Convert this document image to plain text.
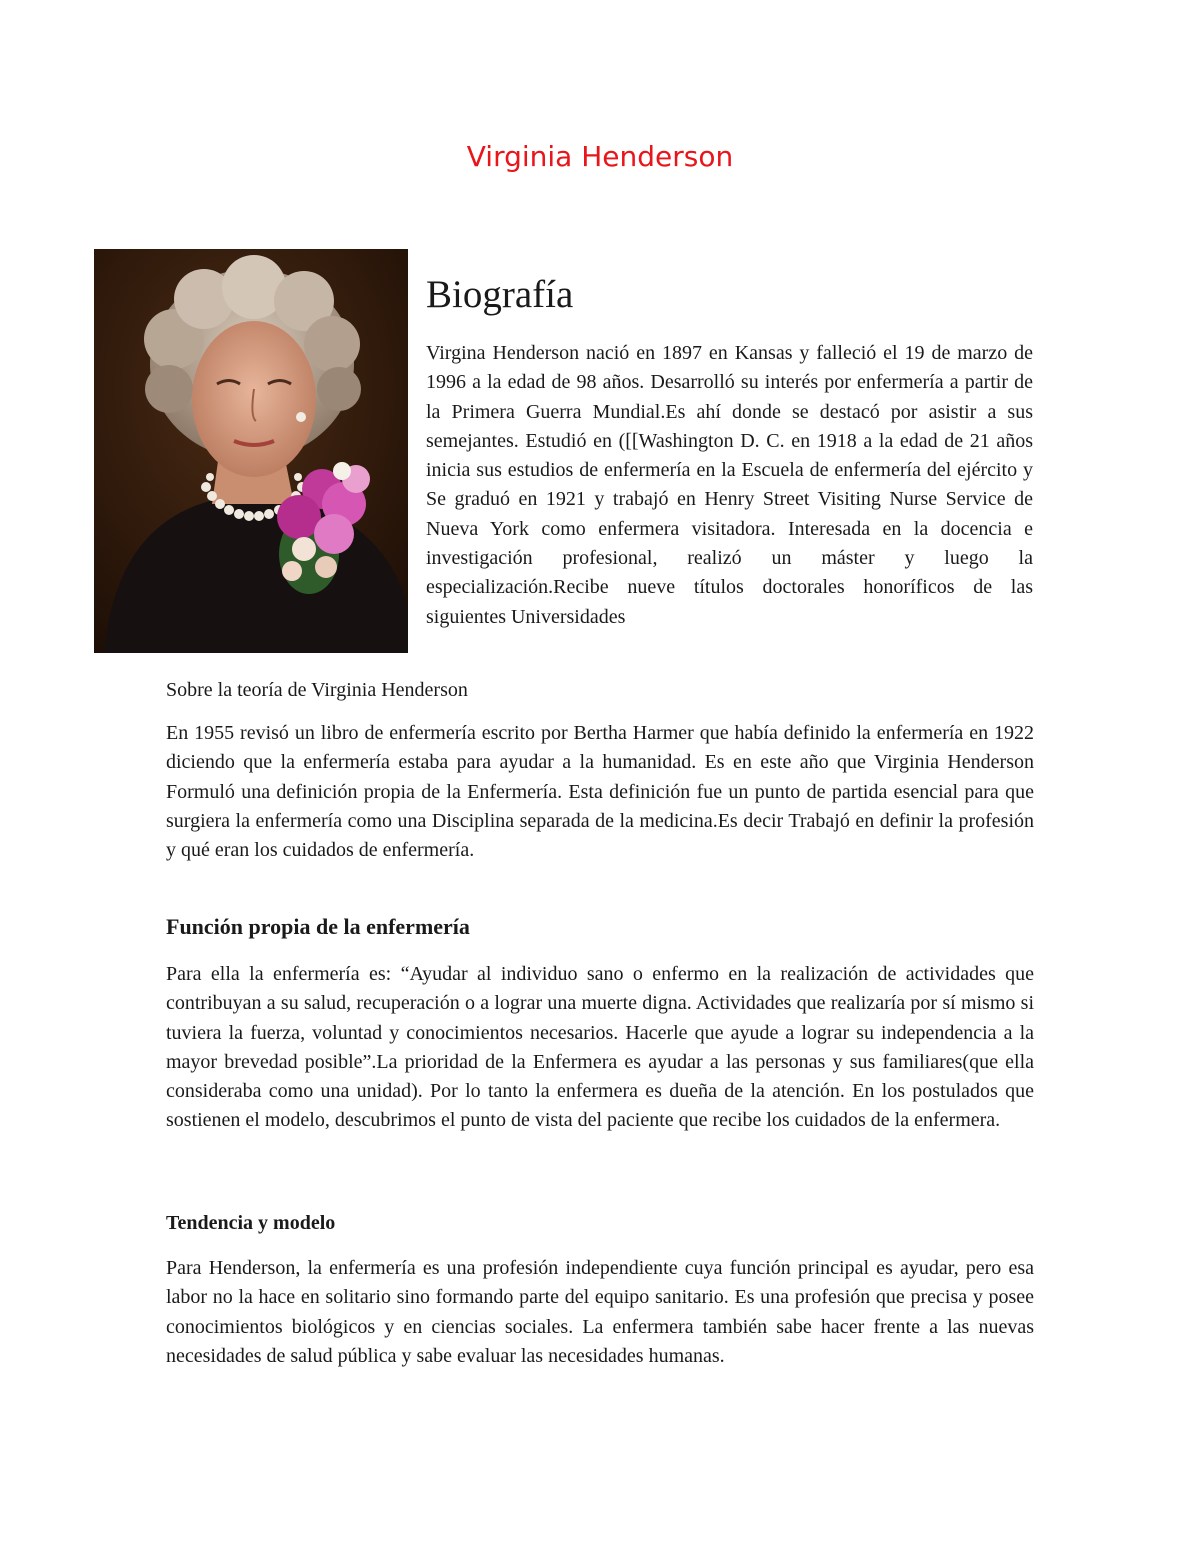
Virginia Henderson
Biografía

Virgina Henderson nació en 1897 en Kansas y falleció el 19 de marzo de 1996 a la edad de 98 años. Desarrolló su interés por enfermería a partir de la Primera Guerra Mundial.Es ahí donde se destacó por asistir a sus semejantes. Estudió en ([[Washington D. C. en 1918 a la edad de 21 años inicia sus estudios de enfermería en la Escuela de enfermería del ejército y Se graduó en 1921 y trabajó en Henry Street Visiting Nurse Service de Nueva York como enfermera visitadora. Interesada en la docencia e investigación profesional, realizó un máster y luego la especialización.Recibe nueve títulos doctorales honoríficos de las siguientes Universidades

Sobre la teoría de Virginia Henderson

En 1955 revisó un libro de enfermería escrito por Bertha Harmer que había definido la enfermería en 1922 diciendo que la enfermería estaba para ayudar a la humanidad. Es en este año que Virginia Henderson Formuló una definición propia de la Enfermería. Esta definición fue un punto de partida esencial para que surgiera la enfermería como una Disciplina separada de la medicina.Es decir Trabajó en definir la profesión y qué eran los cuidados de enfermería.

Función propia de la enfermería

Para ella la enfermería es: “Ayudar al individuo sano o enfermo en la realización de actividades que contribuyan a su salud, recuperación o a lograr una muerte digna. Actividades que realizaría por sí mismo si tuviera la fuerza, voluntad y conocimientos necesarios. Hacerle que ayude a lograr su independencia a la mayor brevedad posible”.La prioridad de la Enfermera es ayudar a las personas y sus familiares(que ella consideraba como una unidad). Por lo tanto la enfermera es dueña de la atención. En los postulados que sostienen el modelo, descubrimos el punto de vista del paciente que recibe los cuidados de la enfermera.

Tendencia y modelo

Para Henderson, la enfermería es una profesión independiente cuya función principal es ayudar, pero esa labor no la hace en solitario sino formando parte del equipo sanitario. Es una profesión que precisa y posee conocimientos biológicos y en ciencias sociales. La enfermera también sabe hacer frente a las nuevas necesidades de salud pública y sabe evaluar las necesidades humanas.
